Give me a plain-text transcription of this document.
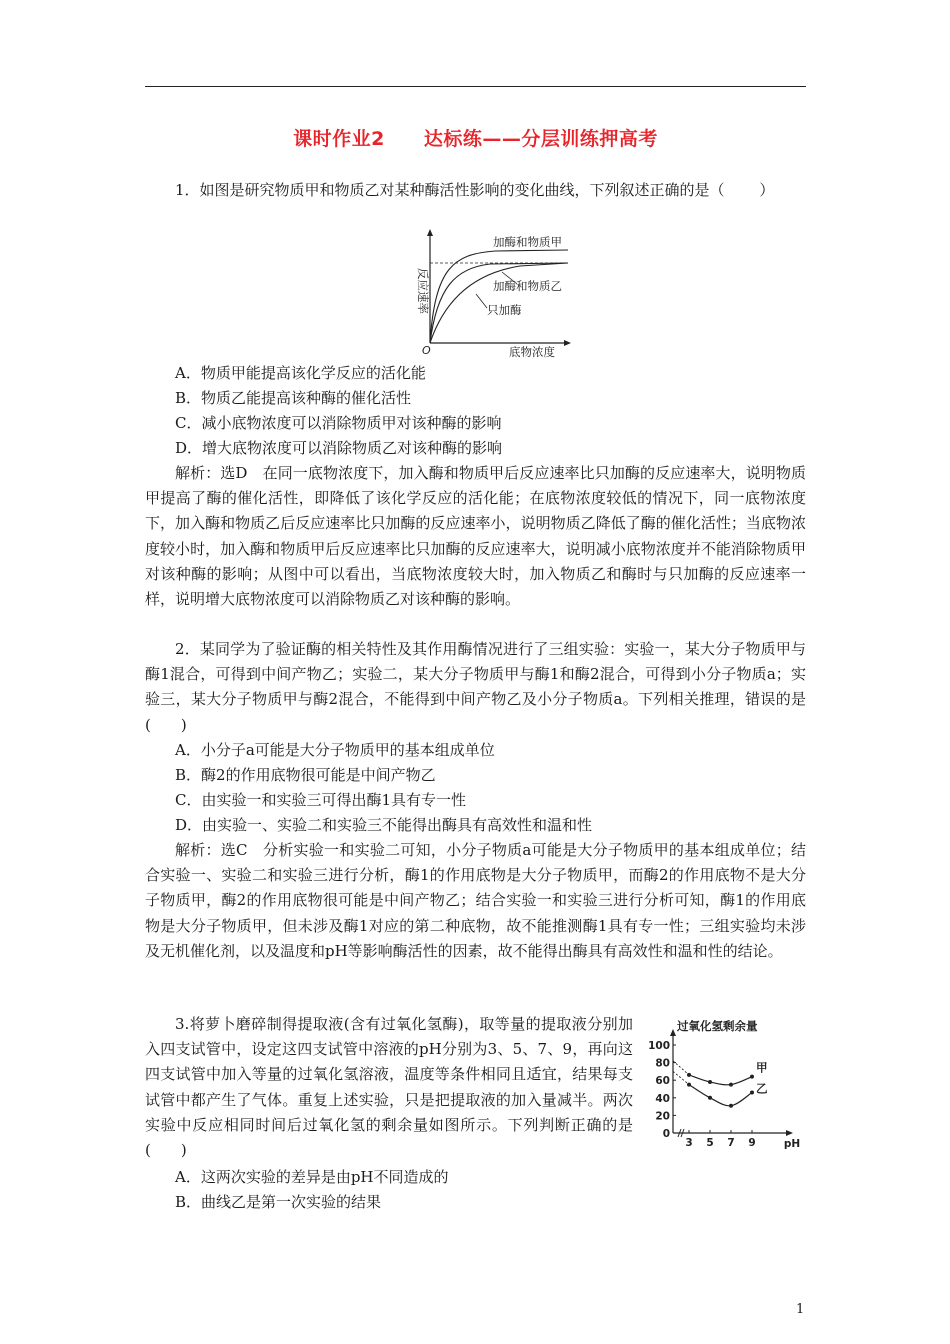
课时作业2　　达标练——分层训练押高考
1．如图是研究物质甲和物质乙对某种酶活性影响的变化曲线，下列叙述正确的是（ 　　）
加酶和物质甲
加酶和物质乙
只加酶
O	底物浓度
反应速率
A．物质甲能提高该化学反应的活化能
B．物质乙能提高该种酶的催化活性
C．减小底物浓度可以消除物质甲对该种酶的影响
D．增大底物浓度可以消除物质乙对该种酶的影响
解析：选D　在同一底物浓度下，加入酶和物质甲后反应速率比只加酶的反应速率大，说明物质甲提高了酶的催化活性，即降低了该化学反应的活化能；在底物浓度较低的情况下，同一底物浓度下，加入酶和物质乙后反应速率比只加酶的反应速率小，说明物质乙降低了酶的催化活性；当底物浓度较小时，加入酶和物质甲后反应速率比只加酶的反应速率大，说明减小底物浓度并不能消除物质甲对该种酶的影响；从图中可以看出，当底物浓度较大时，加入物质乙和酶时与只加酶的反应速率一样，说明增大底物浓度可以消除物质乙对该种酶的影响。
2．某同学为了验证酶的相关特性及其作用酶情况进行了三组实验：实验一，某大分子物质甲与酶1混合，可得到中间产物乙；实验二，某大分子物质甲与酶1和酶2混合，可得到小分子物质a；实验三，某大分子物质甲与酶2混合，不能得到中间产物乙及小分子物质a。下列相关推理，错误的是(　　)
A．小分子a可能是大分子物质甲的基本组成单位
B．酶2的作用底物很可能是中间产物乙
C．由实验一和实验三可得出酶1具有专一性
D．由实验一、实验二和实验三不能得出酶具有高效性和温和性
解析：选C　分析实验一和实验二可知，小分子物质a可能是大分子物质甲的基本组成单位；结合实验一、实验二和实验三进行分析，酶1的作用底物是大分子物质甲，而酶2的作用底物不是大分子物质甲，酶2的作用底物很可能是中间产物乙；结合实验一和实验三进行分析可知，酶1的作用底物是大分子物质甲，但未涉及酶1对应的第二种底物，故不能推测酶1具有专一性；三组实验均未涉及无机催化剂，以及温度和pH等影响酶活性的因素，故不能得出酶具有高效性和温和性的结论。
3.将萝卜磨碎制得提取液(含有过氧化氢酶)，取等量的提取液分别加入四支试管中，设定这四支试管中溶液的pH分别为3、5、7、9，再向这四支试管中加入等量的过氧化氢溶液，温度等条件相同且适宜，结果每支试管中都产生了气体。重复上述实验，只是把提取液的加入量减半。两次实验中反应相同时间后过氧化氢的剩余量如图所示。下列判断正确的是(　　)
过氧化氢剩余量
100
80
60
40
20
0
3 5 7 9	pH
甲
乙
A．这两次实验的差异是由pH不同造成的
B．曲线乙是第一次实验的结果
1
